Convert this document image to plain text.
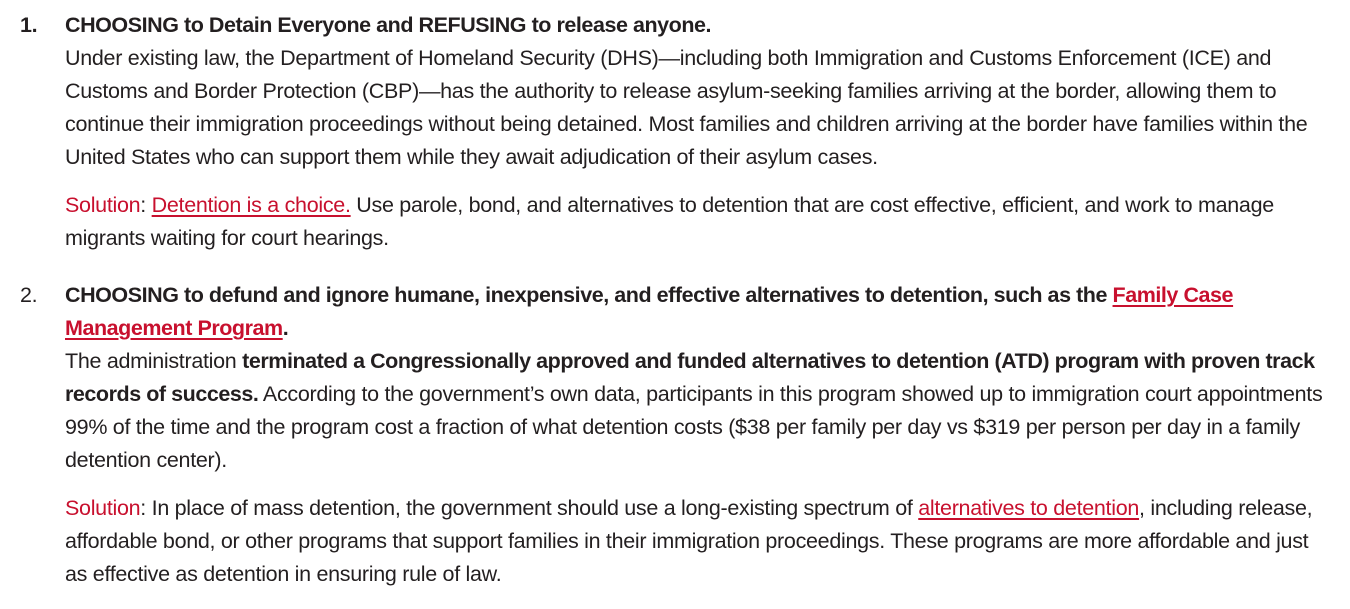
1.	CHOOSING to Detain Everyone and REFUSING to release anyone.

Under existing law, the Department of Homeland Security (DHS)—including both Immigration and Customs Enforcement (ICE) and Customs and Border Protection (CBP)—has the authority to release asylum-seeking families arriving at the border, allowing them to continue their immigration proceedings without being detained. Most families and children arriving at the border have families within the United States who can support them while they await adjudication of their asylum cases.

Solution: Detention is a choice. Use parole, bond, and alternatives to detention that are cost effective, efficient, and work to manage migrants waiting for court hearings.
2.	CHOOSING to defund and ignore humane, inexpensive, and effective alternatives to detention, such as the Family Case Management Program.

The administration terminated a Congressionally approved and funded alternatives to detention (ATD) program with proven track records of success. According to the government’s own data, participants in this program showed up to immigration court appointments 99% of the time and the program cost a fraction of what detention costs ($38 per family per day vs $319 per person per day in a family detention center).

Solution: In place of mass detention, the government should use a long-existing spectrum of alternatives to detention, including release, affordable bond, or other programs that support families in their immigration proceedings. These programs are more affordable and just as effective as detention in ensuring rule of law.
